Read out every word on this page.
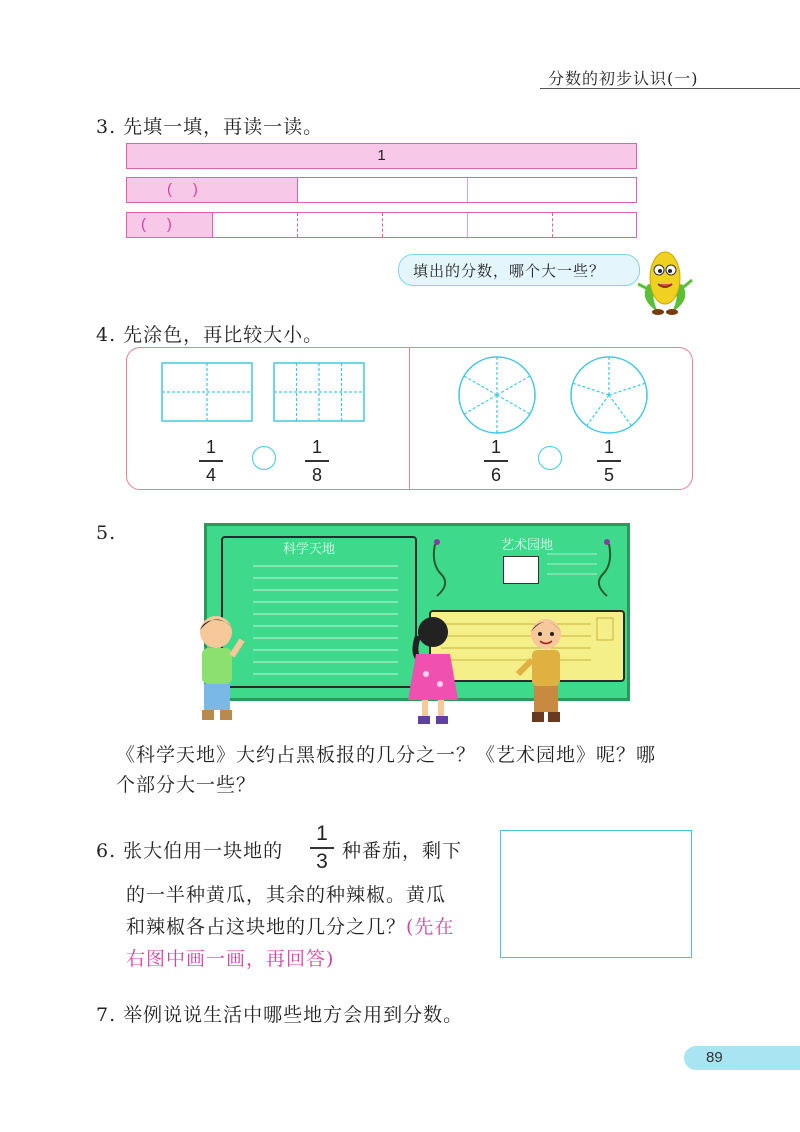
分数的初步认识(一)
3. 先填一填，再读一读。
1
(     )
(     )
填出的分数，哪个大一些？
4. 先涂色，再比较大小。
1
4
1
8
1
6
1
5
5.
科学天地	艺术园地
《科学天地》大约占黑板报的几分之一？《艺术园地》呢？哪
个部分大一些？
6. 张大伯用一块地的
1
3 种番茄，剩下
的一半种黄瓜，其余的种辣椒。黄瓜
和辣椒各占这块地的几分之几？(先在
右图中画一画，再回答)
7. 举例说说生活中哪些地方会用到分数。
89
